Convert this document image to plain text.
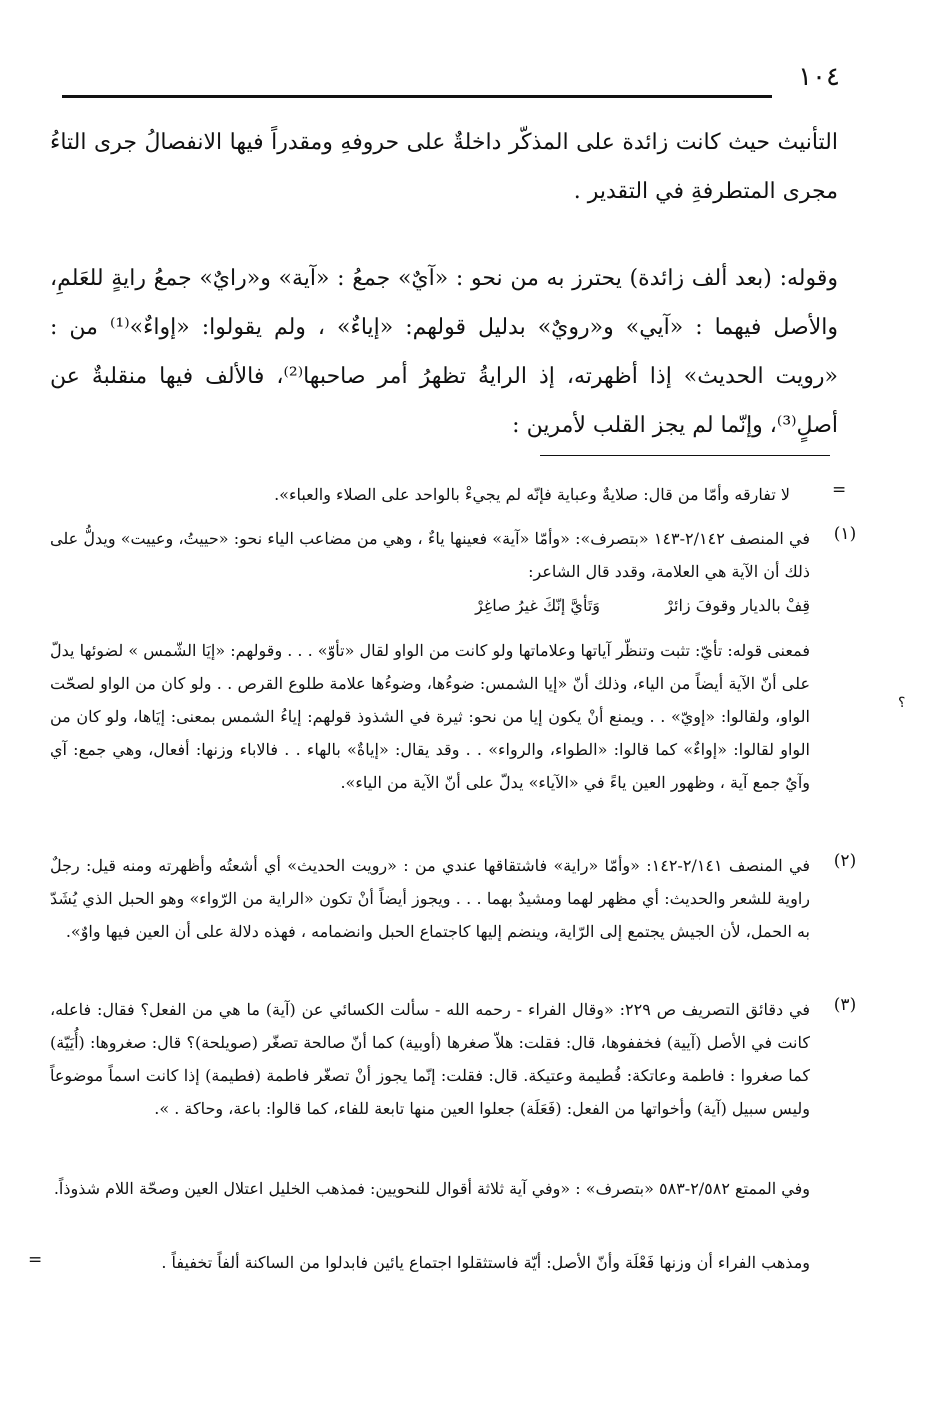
١٠٤
التأنيث حيث كانت زائدة على المذكّر داخلةٌ على حروفهِ ومقدراً فيها الانفصالُ جرى التاءُ مجرى المتطرفةِ في التقدير .
وقوله: (بعد ألف زائدة) يحترز به من نحو : «آيٌ» جمعُ : «آية» و«رايٌ» جمعُ رايةٍ للعَلمِ، والأصل فيهما : «آيي» و«رويٌ» بدليل قولهم: «إياءٌ» ، ولم يقولوا: «إواءٌ»⁽¹⁾ من : «رويت الحديث» إذا أظهرته، إذ الرايةُ تظهرُ أمر صاحبها⁽²⁾، فالألف فيها منقلبةٌ عن أصلٍ⁽³⁾، وإنّما لم يجز القلب لأمرين :
=
لا تفارقه وأمّا من قال: صلايةٌ وعباية فإنّه لم يجيءْ بالواحد على الصلاء والعباء».
(١)
في المنصف ٢/١٤٢-١٤٣ «بتصرف»: «وأمّا «آية» فعينها ياءٌ ، وهي من مضاعب الياء نحو: «حييتُ، وعييت» ويدلُّ على ذلك أن الآية هي العلامة، وقدد قال الشاعر:
قِفْ بالديار وقوفَ زائرْ
وَتَأيَّ إنّكَ غيرُ صاغِرْ
فمعنى قوله: تأيّ: تثبت وتنظّر آياتها وعلاماتها ولو كانت من الواو لقال «تأوّ» . . . وقولهم: «إيَا الشّمس » لضوئها يدلّ على أنّ الآية أيضاً من الياء، وذلك أنّ «إيا الشمس: ضوءُها، وضوءُها علامة طلوع القرص . . ولو كان من الواو لصحّت الواو، ولقالوا: «إويّ» . . ويمنع أنْ يكون إيا من نحو: ثيرة في الشذوذ قولهم: إياءُ الشمس بمعنى: إيَاها، ولو كان من الواو لقالوا: «إواءٌ» كما قالوا: «الطواء، والرواء» . . وقد يقال: «إياةٌ» بالهاء . . فالاباء وزنها: أفعال، وهي جمع: آي وآيٌ جمع آية ، وظهور العين ياءً في «الآياء» يدلّ على أنّ الآية من الياء».
؟
(٢)
في المنصف ٢/١٤١-١٤٢: «وأمّا «راية» فاشتقاقها عندي من : «رويت الحديث» أي أشعتُه وأظهرته ومنه قيل: رجلٌ راوية للشعر والحديث: أي مظهر لهما ومشيدٌ بهما . . . ويجوز أيضاً أنْ تكون «الراية من الرّواء» وهو الحبل الذي يُشَدّ به الحمل، لأن الجيش يجتمع إلى الرّاية، وينضم إليها كاجتماع الحبل وانضمامه ، فهذه دلالة على أن العين فيها واوٌ».
(٣)
في دقائق التصريف ص ٢٢٩: «وقال الفراء - رحمه الله - سألت الكسائي عن (آية) ما هي من الفعل؟ فقال: فاعله، كانت في الأصل (آيية) فخففوها، قال: فقلت: هلاّ صغرها (أوبية) كما أنّ صالحة تصغّر (صويلحة)؟ قال: صغروها: (أُيَيّة) كما صغروا : فاطمة وعاتكة: فُطيمة وعتيكة. قال: فقلت: إنّما يجوز أنْ تصغّر فاطمة (فطيمة) إذا كانت اسماً موضوعاً وليس سبيل (آية) وأخواتها من الفعل: (فَعَلَة) جعلوا العين منها تابعة للفاء، كما قالوا: باعة، وحاكة . ».
وفي الممتع ٢/٥٨٢-٥٨٣ «بتصرف» : «وفي آية ثلاثة أقوال للنحويين: فمذهب الخليل اعتلال العين وصحّة اللام شذوذاً.
ومذهب الفراء أن وزنها فَعْلَة وأنّ الأصل: أيّة فاستثقلوا اجتماع يائين فابدلوا من الساكنة ألفاً تخفيفاً .
=
